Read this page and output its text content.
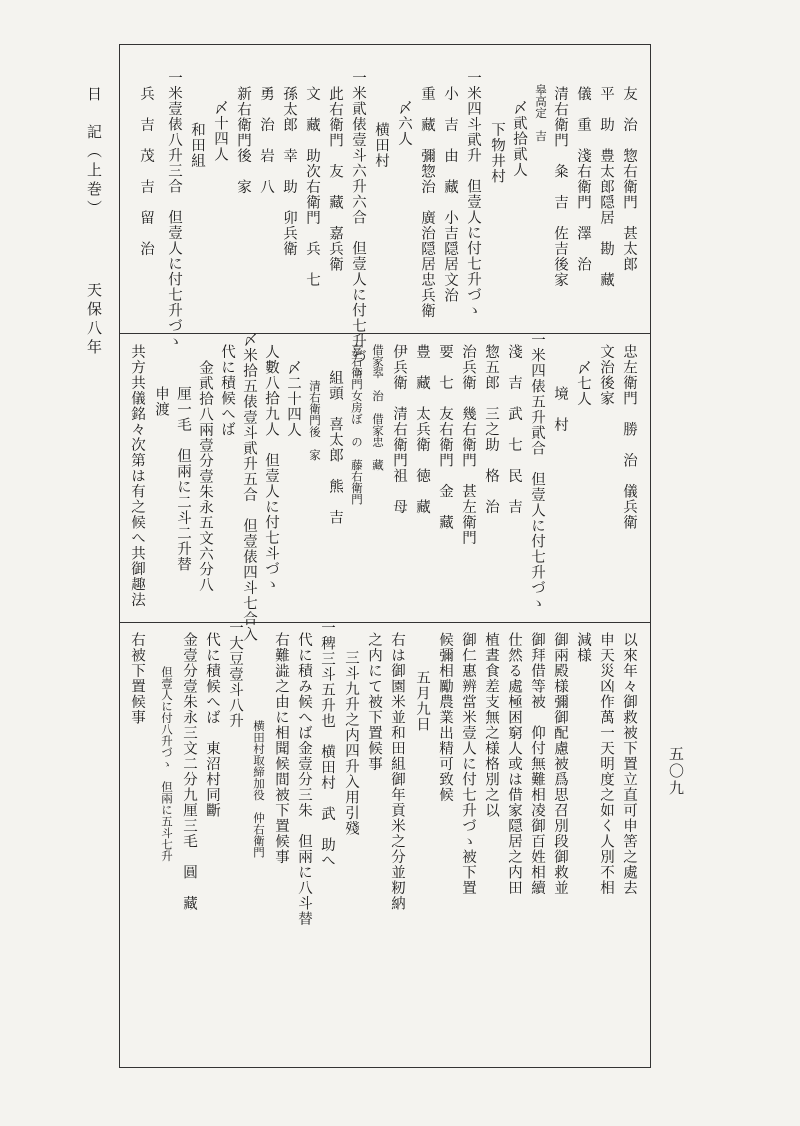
日　記（上巻） 　 天保八年
五〇九
友　治　惣右衛門　甚太郎
平　助　豊太郎隠居　勘　藏
儀　重　淺右衛門　澤　治
清右衛門　粂　吉　佐吉後家
皋高定　吉
〆貮拾貮人
下物井村
一米四斗貮升　但壹人に付七升づゝ
小　吉　由　藏　小吉隠居文治
重　藏　彌惣治　廣治隠居忠兵衛
〆六人
横田村
一米貮俵壹斗六升六合　但壹人に付七升づゝ
此右衛門　友　藏　嘉兵衛
文　藏　助次右衛門　兵　七
孫太郎　幸　助　卯兵衛
勇　治　岩　八
新右衛門後　家
〆十四人
和田組
一米壹俵八升三合　但壹人に付七升づゝ
兵　吉　茂　吉　留　治
忠左衛門　勝　治　儀兵衛
文治後家
〆七人
境　村
一米四俵五升貮合　但壹人に付七升づゝ
淺　吉　武　七　民　吉
惣五郎　三之助　格　治
治兵衛　幾右衛門　甚左衛門
要　七　友右衛門　金　藏
豊　藏　太兵衛　徳　藏
伊兵衛　清右衛門祖　母
借家翆　治　借家忠　藏
嘉右衛門女房ぼ　の　藤右衛門
組頭　喜太郎　熊　吉
清右衛門後　家
〆二十四人
人數八拾九人　但壹人に付七斗づゝ
〆米拾五俵壹斗貮升五合　但壹俵四斗七合入
代に積候へば
金貮拾八兩壹分壹朱永五文六分八
厘一毛　但兩に二斗二升替
申渡
共方共儀銘々次第は有之候へ共御趣法
以來年々御救被下置立直可申筈之處去
申天災凶作萬一天明度之如く人別不相
減様
御兩殿様彌御配慮被爲思召別段御救並
御拜借等被　仰付無難相凌御百姓相續
仕然る處極困窮人或は借家隠居之内田
植晝食差支無之様格別之以
御仁惠辨當米壹人に付七升づゝ被下置
候彌相勵農業出精可致候
五月九日
右は御園米並和田組御年貢米之分並籾納
之内にて被下置候事
三斗九升之内四升入用引殘
一稗三斗五升也　横田村　武　助へ
代に積み候へば金壹分三朱　但兩に八斗替
右難澁之由に相聞候間被下置候事
横田村取締加役　仲右衛門
一大豆壹斗八升
代に積候へば　東沼村同斷
金壹分壹朱永三文二分九厘三毛　圓　藏
但壹人に付八升づゝ　但兩に五斗七升
右被下置候事
